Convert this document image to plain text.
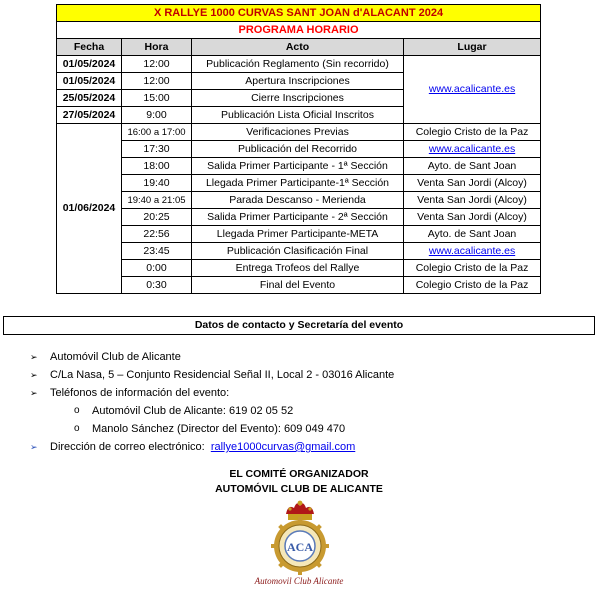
X RALLYE 1000 CURVAS SANT JOAN d'ALACANT 2024			
PROGRAMA HORARIO			
Fecha	Hora	Acto	Lugar
01/05/2024	12:00	Publicación Reglamento (Sin recorrido)	www.acalicante.es
01/05/2024	12:00	Apertura Inscripciones	
25/05/2024	15:00	Cierre Inscripciones	
27/05/2024	9:00	Publicación Lista Oficial Inscritos	
01/06/2024	16:00 a 17:00	Verificaciones Previas	Colegio Cristo de la Paz
	17:30	Publicación del Recorrido	www.acalicante.es
	18:00	Salida Primer Participante - 1ª Sección	Ayto. de Sant Joan
	19:40	Llegada Primer Participante-1ª Sección	Venta San Jordi (Alcoy)
	19:40 a 21:05	Parada Descanso - Merienda	Venta San Jordi (Alcoy)
	20:25	Salida Primer Participante - 2ª Sección	Venta San Jordi (Alcoy)
	22:56	Llegada Primer Participante-META	Ayto. de Sant Joan
	23:45	Publicación Clasificación Final	www.acalicante.es
	0:00	Entrega Trofeos del Rallye	Colegio Cristo de la Paz
	0:30	Final del Evento	Colegio Cristo de la Paz
Datos de contacto y Secretaría del evento
➢ Automóvil Club de Alicante
➢ C/La Nasa, 5 – Conjunto Residencial Señal II, Local 2 - 03016 Alicante
➢ Teléfonos de información del evento:
o Automóvil Club de Alicante: 619 02 05 52
o Manolo Sánchez (Director del Evento): 609 049 470
➢ Dirección de correo electrónico: rallye1000curvas@gmail.com
EL COMITÉ ORGANIZADOR
AUTOMÓVIL CLUB DE ALICANTE
ACA
Automovil Club Alicante
